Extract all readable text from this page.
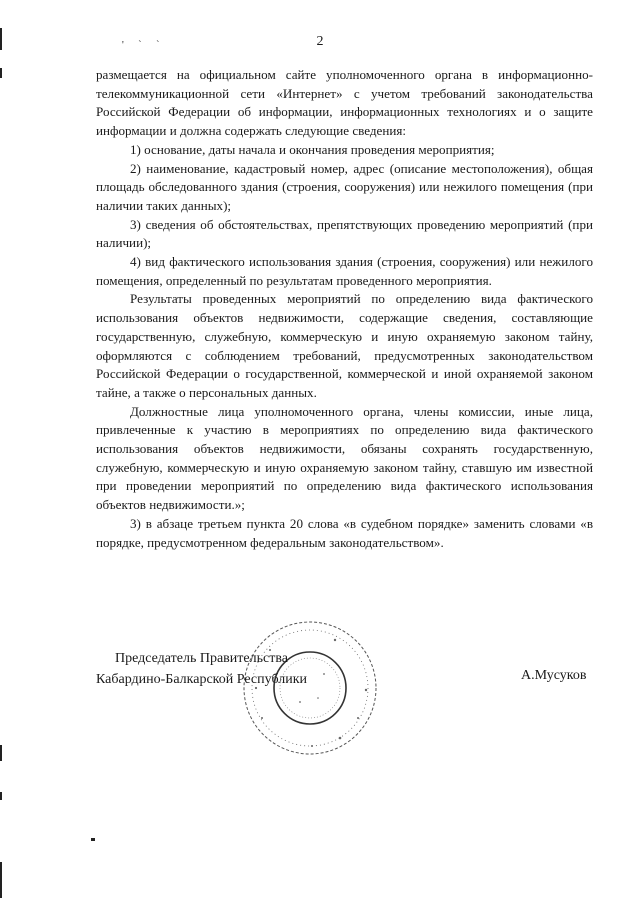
' ` `	2

размещается на официальном сайте уполномоченного органа в информационно-телекоммуникационной сети «Интернет» с учетом требований законодательства Российской Федерации об информации, информационных технологиях и о защите информации и должна содержать следующие сведения:

1) основание, даты начала и окончания проведения мероприятия;

2) наименование, кадастровый номер, адрес (описание местоположения), общая площадь обследованного здания (строения, сооружения) или нежилого помещения (при наличии таких данных);

3) сведения об обстоятельствах, препятствующих проведению мероприятий (при наличии);

4) вид фактического использования здания (строения, сооружения) или нежилого помещения, определенный по результатам проведенного мероприятия.

Результаты проведенных мероприятий по определению вида фактического использования объектов недвижимости, содержащие сведения, составляющие государственную, служебную, коммерческую и иную охраняемую законом тайну, оформляются с соблюдением требований, предусмотренных законодательством Российской Федерации о государственной, коммерческой и иной охраняемой законом тайне, а также о персональных данных.

Должностные лица уполномоченного органа, члены комиссии, иные лица, привлеченные к участию в мероприятиях по определению вида фактического использования объектов недвижимости, обязаны сохранять государственную, служебную, коммерческую и иную охраняемую законом тайну, ставшую им известной при проведении мероприятий по определению вида фактического использования объектов недвижимости.»;

3) в абзаце третьем пункта 20 слова «в судебном порядке» заменить словами «в порядке, предусмотренном федеральным законодательством».

Председатель Правительства
Кабардино-Балкарской Республики	А.Мусуков
